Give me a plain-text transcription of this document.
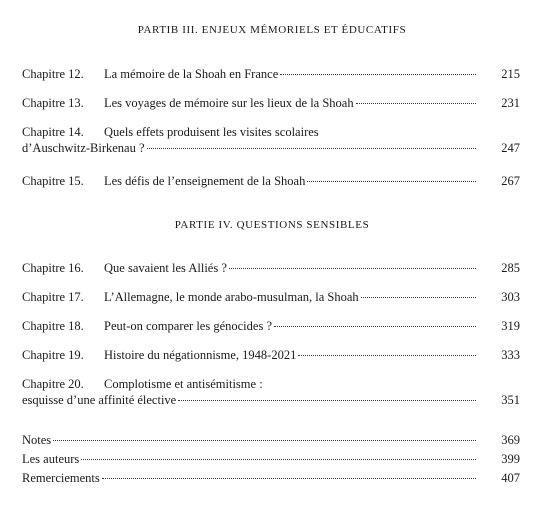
PARTIB III. ENJEUX MÉMORIELS ET ÉDUCATIFS
Chapitre 12.	La mémoire de la Shoah en France	215
Chapitre 13.	Les voyages de mémoire sur les lieux de la Shoah	231
Chapitre 14.	Quels effets produisent les visites scolaires
d’Auschwitz-Birkenau ?	247
Chapitre 15.	Les défis de l’enseignement de la Shoah	267
PARTIE IV. QUESTIONS SENSIBLES
Chapitre 16.	Que savaient les Alliés ?	285
Chapitre 17.	L’Allemagne, le monde arabo-musulman, la Shoah	303
Chapitre 18.	Peut-on comparer les génocides ?	319
Chapitre 19.	Histoire du négationnisme, 1948-2021	333
Chapitre 20.	Complotisme et antisémitisme :
esquisse d’une affinité élective	351
Notes	369
Les auteurs	399
Remerciements	407
